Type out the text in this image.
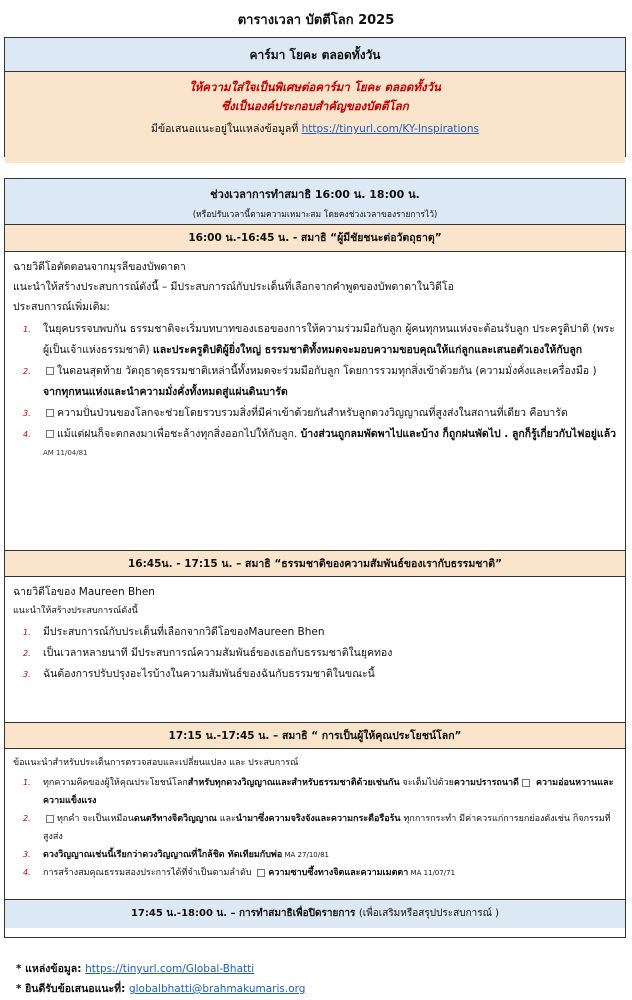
ตารางเวลา บัตตีโลก 2025
คาร์มา โยคะ ตลอดทั้งวัน
ให้ความใส่ใจเป็นพิเศษต่อคาร์มา โยคะ ตลอดทั้งวัน
ซึ่งเป็นองค์ประกอบสำคัญของบัตตีโลก
มีข้อเสนอแนะอยู่ในแหล่งข้อมูลที่ https://tinyurl.com/KY-Inspirations
ช่วงเวลาการทำสมาธิ 16:00 น. 18:00 น.
(หรือปรับเวลานี้ตามความเหมาะสม โดยคงช่วงเวลาของรายการไว้)
16:00 น.-16:45 น. - สมาธิ “ผู้มีชัยชนะต่อวัตถุธาตุ”
ฉายวิดีโอตัดตอนจากมุรลีของบัพดาดา
แนะนำให้สร้างประสบการณ์ดังนี้ – มีประสบการณ์กับประเด็นที่เลือกจากคำพูดของบัพดาดาในวิดีโอ
ประสบการณ์เพิ่มเติม:
1. ในยุคบรรจบพบกัน ธรรมชาติจะเริ่มบทบาทของเธอของการให้ความร่วมมือกับลูก ผู้คนทุกหนแห่งจะต้อนรับลูก ประครูติปาติ (พระผู้เป็นเจ้าแห่งธรรมชาติ) และประครูติปติผู้ยิ่งใหญ่ ธรรมชาติทั้งหมดจะมอบความขอบคุณให้แก่ลูกและเสนอตัวเองให้กับลูก
2.	ในตอนสุดท้าย วัตถุธาตุธรรมชาติเหล่านี้ทั้งหมดจะร่วมมือกับลูก โดยการรวมทุกสิ่งเข้าด้วยกัน (ความมั่งคั่งและเครื่องมือ ) จากทุกหนแห่งและนำความมั่งคั่งทั้งหมดสู่แผ่นดินบารัต
3.	ความปั่นป่วนของโลกจะช่วยโดยรวบรวมสิ่งที่มีค่าเข้าด้วยกันสำหรับลูกดวงวิญญาณที่สูงส่งในสถานที่เดียว คือบารัต
4.	แม้แต่ฝนก็จะตกลงมาเพื่อชะล้างทุกสิ่งออกไปให้กับลูก. บ้างส่วนถูกลมพัดพาไปและบ้าง ก็ถูกฝนพัดไป . ลูกก็รู้เกี่ยวกับไฟอยู่แล้ว
AM 11/04/81
16:45น. - 17:15 น. – สมาธิ “ธรรมชาติของความสัมพันธ์ของเรากับธรรมชาติ”
ฉายวิดีโอของ Maureen Bhen
แนะนำให้สร้างประสบการณ์ดังนี้
1. มีประสบการณ์กับประเด็นที่เลือกจากวิดีโอของMaureen Bhen
2. เป็นเวลาหลายนาที มีประสบการณ์ความสัมพันธ์ของเธอกับธรรมชาติในยุคทอง
3. ฉันต้องการปรับปรุงอะไรบ้างในความสัมพันธ์ของฉันกับธรรมชาติในขณะนี้
17:15 น.-17:45 น. – สมาธิ “ การเป็นผู้ให้คุณประโยชน์โลก”
ข้อแนะนำสำหรับประเด็นการตรวจสอบและเปลี่ยนแปลง และ ประสบการณ์
1. ทุกความคิดของผู้ให้คุณประโยชน์โลกสำหรับทุกดวงวิญญาณและสำหรับธรรมชาติด้วยเช่นกัน จะเต็มไปด้วยความปรารถนาดี ความอ่อนหวานและความแข็งแรง
2.	ทุกคำ จะเป็นเหมือนดนตรีทางจิตวิญญาณ และนำมาซึ่งความจริงจังและความกระตือรือร้น ทุกการกระทำ มีค่าควรแก่การยกย่องดังเช่น กิจกรรมที่สูงส่ง
3. ดวงวิญญาณเช่นนี้เรียกว่าดวงวิญญาณที่ใกล้ชิด ทัดเทียมกับพ่อ MA 27/10/81
4. การสร้างสมคุณธรรมสองประการได้ที่จำเป็นตามลำดับ ความซาบซึ้งทางจิตและความเมตตา MA 11/07/71
17:45 น.-18:00 น. – การทำสมาธิเพื่อปิดรายการ (เพื่อเสริมหรือสรุปประสบการณ์ )
* แหล่งข้อมูล: https://tinyurl.com/Global-Bhatti
* ยินดีรับข้อเสนอแนะที่: globalbhatti@brahmakumaris.org
